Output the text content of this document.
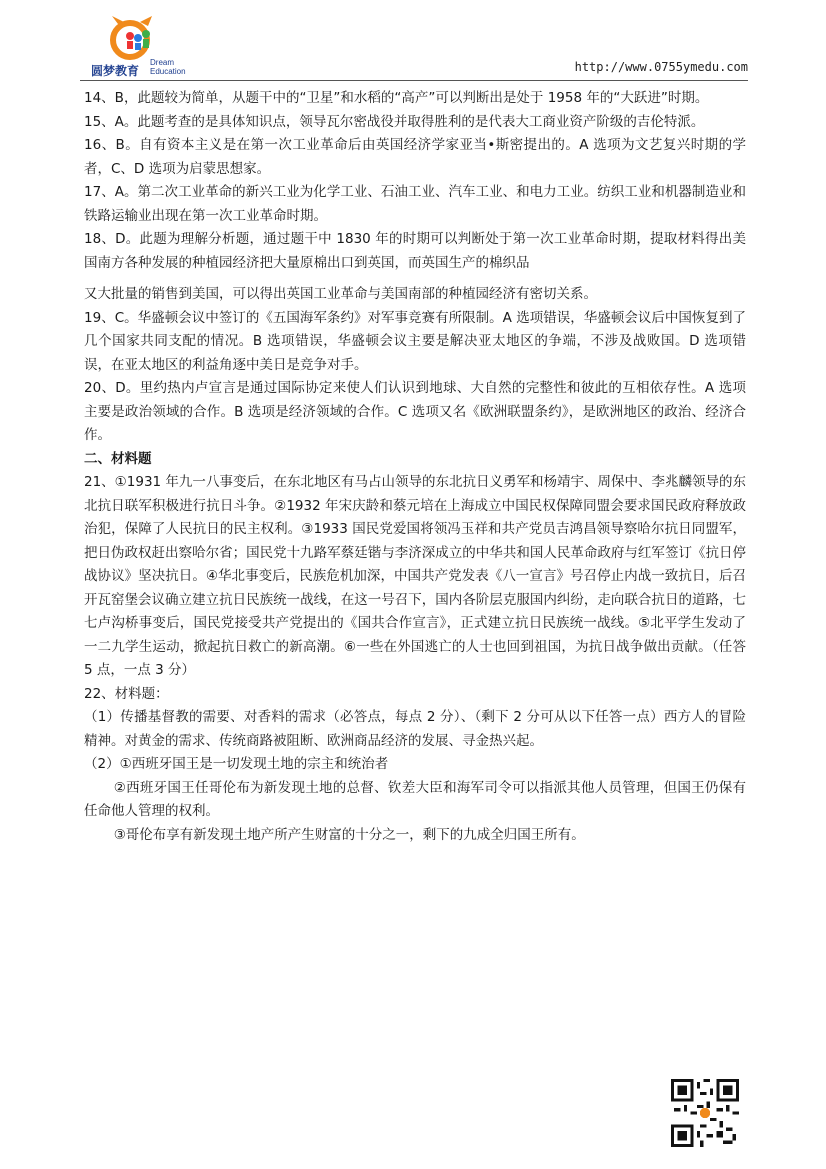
圆梦教育
Dream
Education	http://www.0755ymedu.com

14、B，此题较为简单，从题干中的“卫星”和水稻的“高产”可以判断出是处于 1958 年的“大跃进”时期。

15、A。此题考查的是具体知识点，领导瓦尔密战役并取得胜利的是代表大工商业资产阶级的吉伦特派。

16、B。自有资本主义是在第一次工业革命后由英国经济学家亚当•斯密提出的。A 选项为文艺复兴时期的学者，C、D 选项为启蒙思想家。

17、A。第二次工业革命的新兴工业为化学工业、石油工业、汽车工业、和电力工业。纺织工业和机器制造业和铁路运输业出现在第一次工业革命时期。

18、D。此题为理解分析题，通过题干中 1830 年的时期可以判断处于第一次工业革命时期，提取材料得出美国南方各种发展的种植园经济把大量原棉出口到英国，而英国生产的棉织品

又大批量的销售到美国，可以得出英国工业革命与美国南部的种植园经济有密切关系。

19、C。华盛顿会议中签订的《五国海军条约》对军事竞赛有所限制。A 选项错误，华盛顿会议后中国恢复到了几个国家共同支配的情况。B 选项错误，华盛顿会议主要是解决亚太地区的争端，不涉及战败国。D 选项错误，在亚太地区的利益角逐中美日是竞争对手。

20、D。里约热内卢宣言是通过国际协定来使人们认识到地球、大自然的完整性和彼此的互相依存性。A 选项主要是政治领域的合作。B 选项是经济领域的合作。C 选项又名《欧洲联盟条约》，是欧洲地区的政治、经济合作。

二、材料题

21、①1931 年九一八事变后，在东北地区有马占山领导的东北抗日义勇军和杨靖宇、周保中、李兆麟领导的东北抗日联军积极进行抗日斗争。②1932 年宋庆龄和蔡元培在上海成立中国民权保障同盟会要求国民政府释放政治犯，保障了人民抗日的民主权利。③1933 国民党爱国将领冯玉祥和共产党员吉鸿昌领导察哈尔抗日同盟军，把日伪政权赶出察哈尔省；国民党十九路军蔡廷锴与李济深成立的中华共和国人民革命政府与红军签订《抗日停战协议》坚决抗日。④华北事变后，民族危机加深，中国共产党发表《八一宣言》号召停止内战一致抗日，后召开瓦窑堡会议确立建立抗日民族统一战线，在这一号召下，国内各阶层克服国内纠纷，走向联合抗日的道路，七七卢沟桥事变后，国民党接受共产党提出的《国共合作宣言》，正式建立抗日民族统一战线。⑤北平学生发动了一二九学生运动，掀起抗日救亡的新高潮。⑥一些在外国逃亡的人士也回到祖国，为抗日战争做出贡献。（任答 5 点，一点 3 分）

22、材料题：

（1）传播基督教的需要、对香料的需求（必答点，每点 2 分）、（剩下 2 分可从以下任答一点）西方人的冒险精神。对黄金的需求、传统商路被阻断、欧洲商品经济的发展、寻金热兴起。

（2）①西班牙国王是一切发现土地的宗主和统治者

②西班牙国王任哥伦布为新发现土地的总督、钦差大臣和海军司令可以指派其他人员管理，但国王仍保有任命他人管理的权利。

③哥伦布享有新发现土地产所产生财富的十分之一，剩下的九成全归国王所有。
